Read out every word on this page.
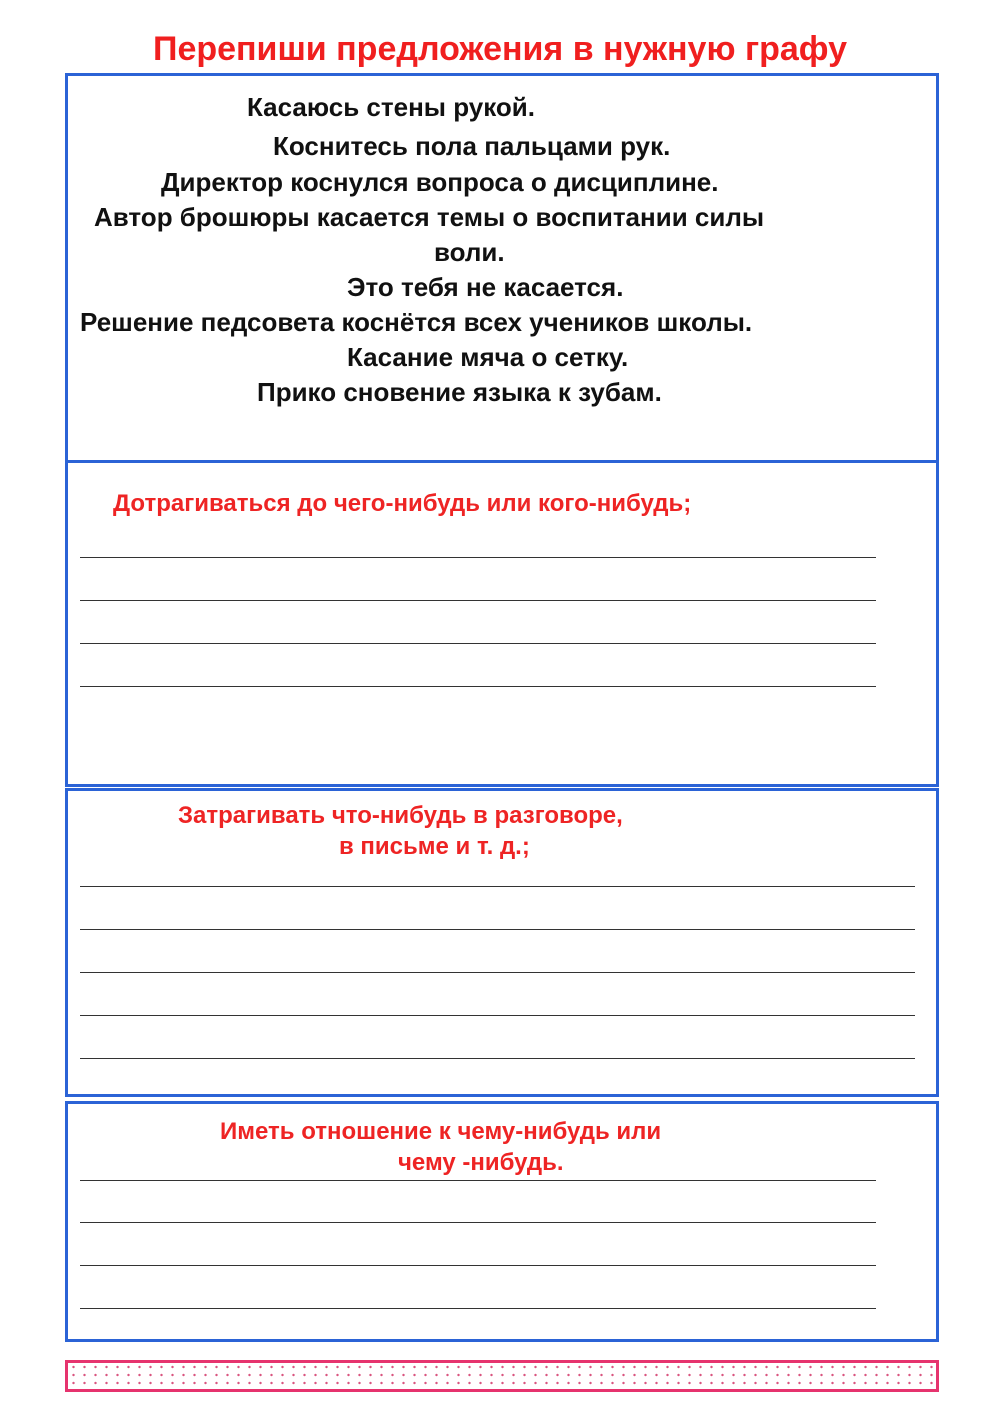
Перепиши предложения в нужную графу
Касаюсь стены рукой.
Коснитесь пола пальцами рук.
Директор коснулся вопроса о дисциплине.
Автор брошюры касается темы о воспитании силы
воли.
Это тебя не касается.
Решение педсовета коснётся всех учеников школы.
Касание мяча о сетку.
Прико сновение языка к зубам.
Дотрагиваться до чего-нибудь или кого-нибудь;
Затрагивать что-нибудь в разговоре,
в письме и т. д.;
Иметь отношение к чему-нибудь или
чему -нибудь.
